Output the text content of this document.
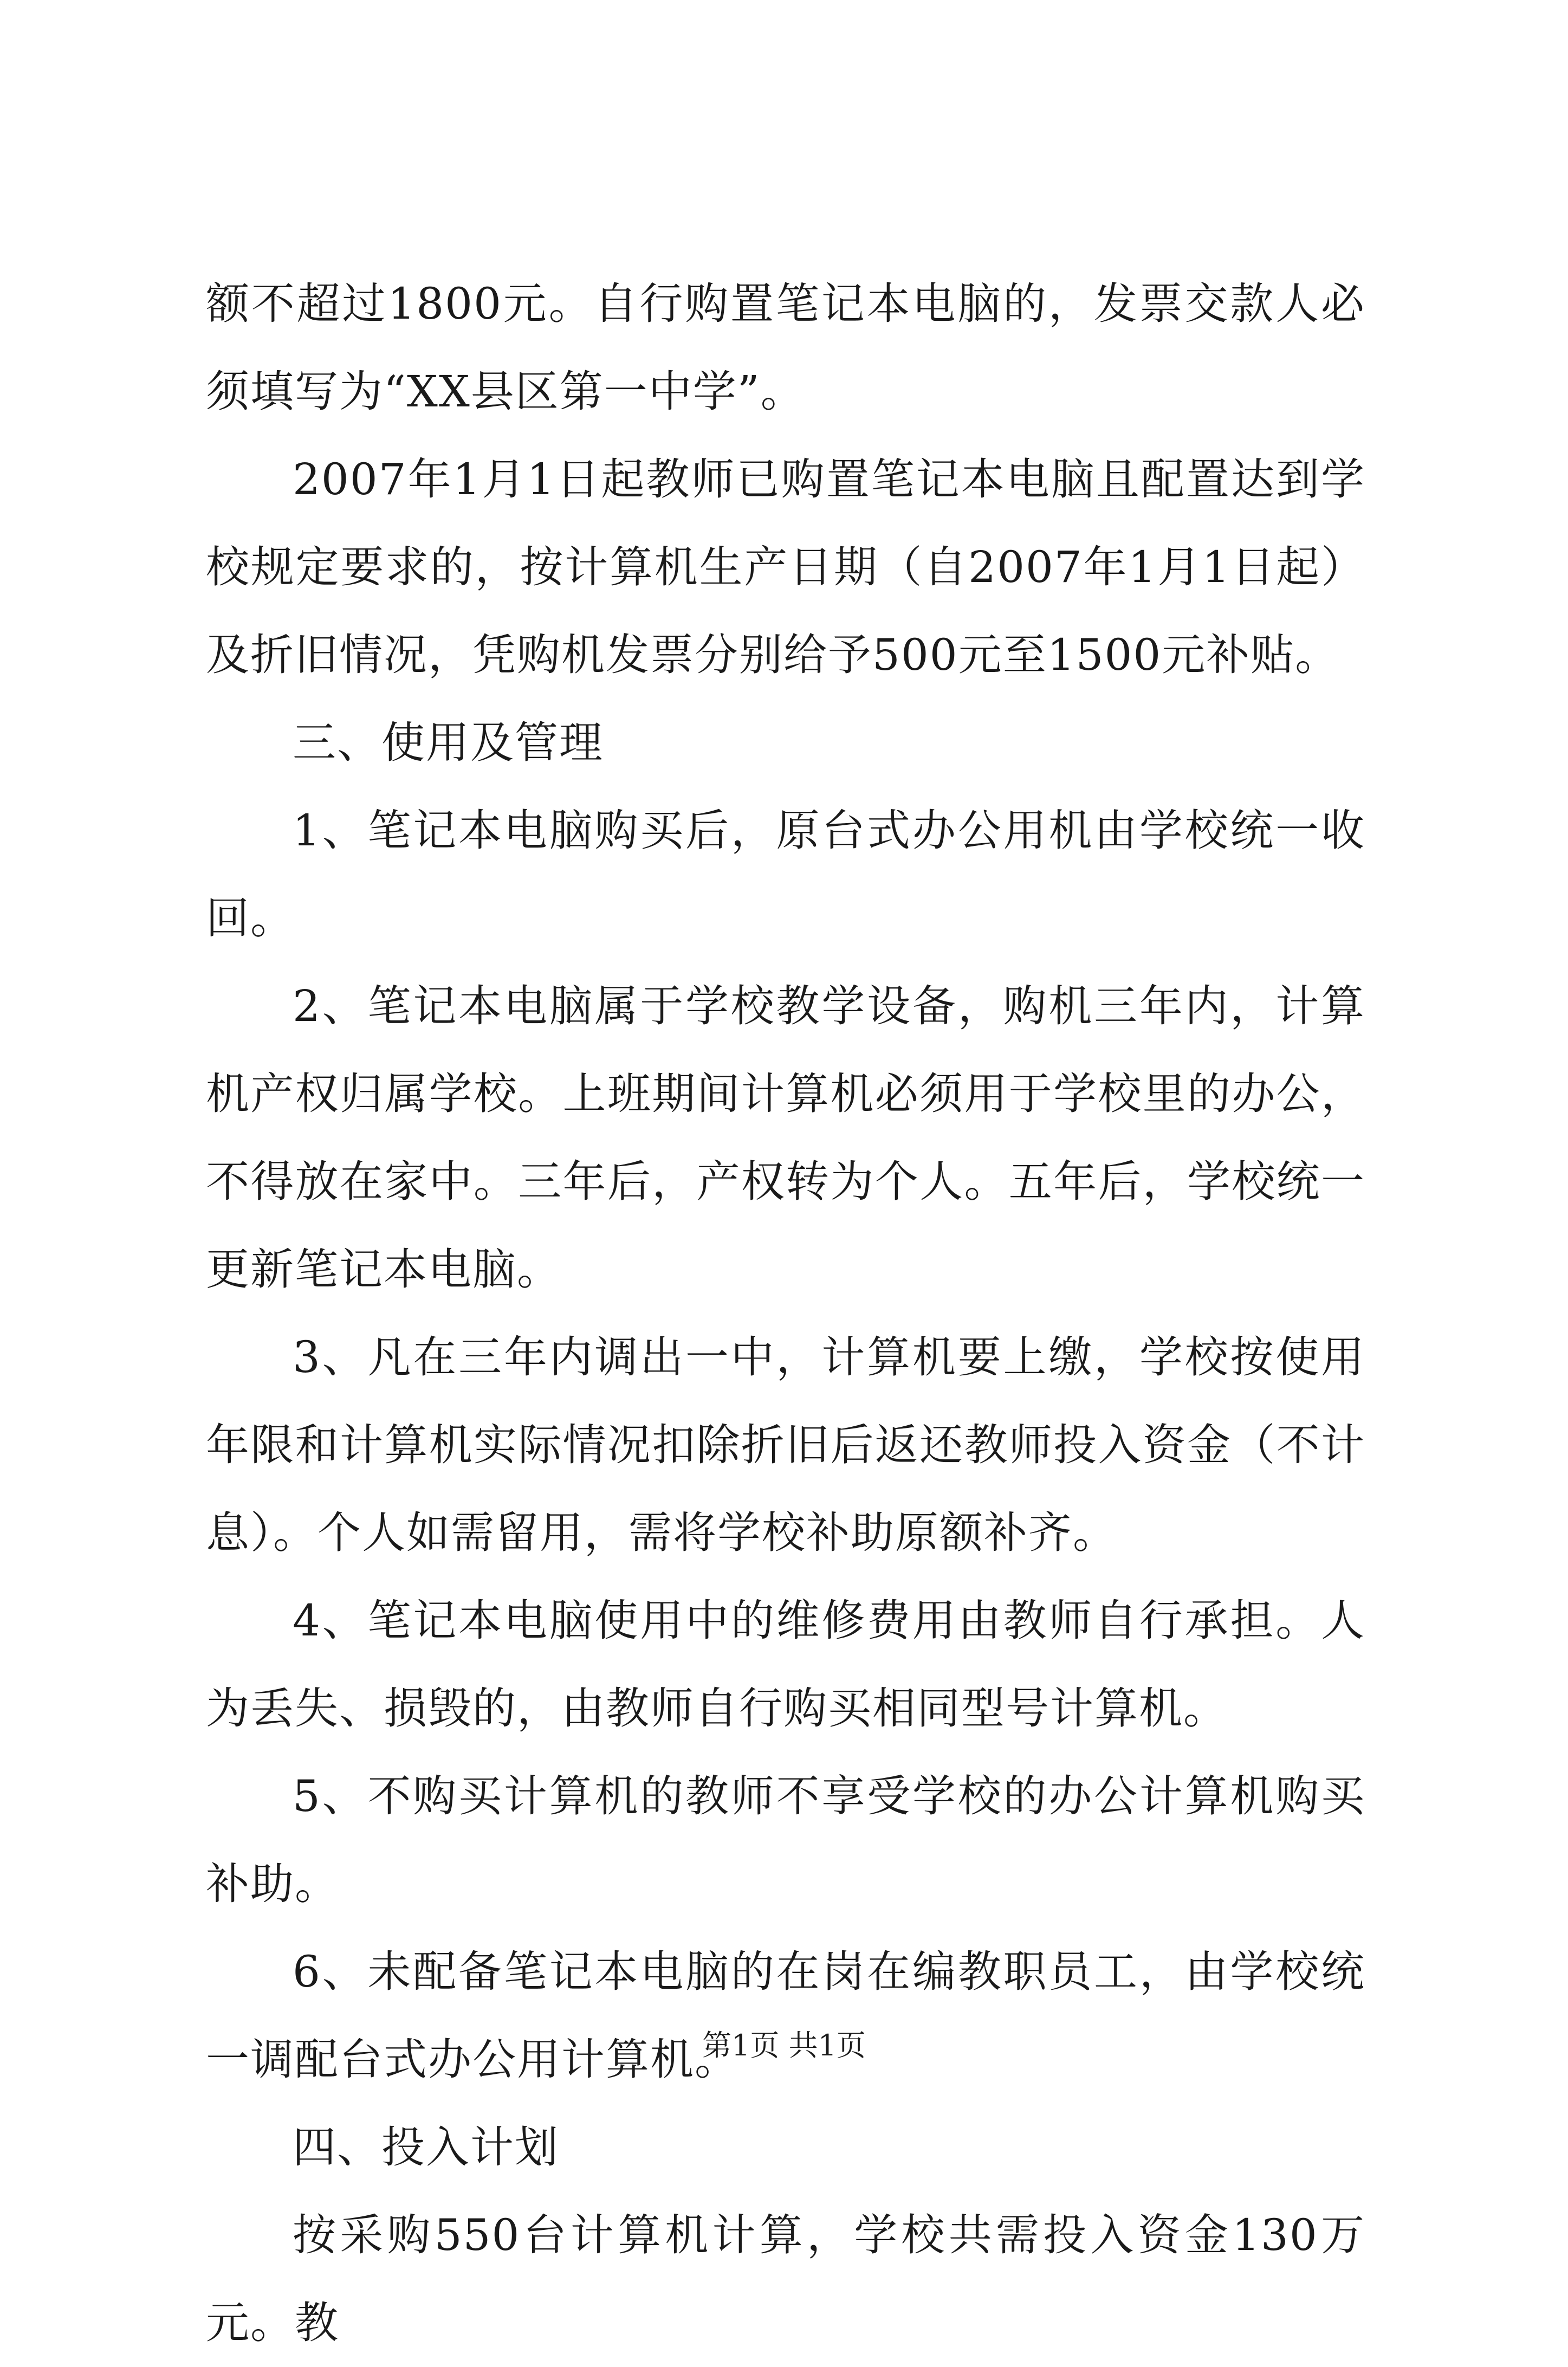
额不超过1800元。自行购置笔记本电脑的，发票交款人必须填写为“XX县区第一中学”。

2007年1月1日起教师已购置笔记本电脑且配置达到学校规定要求的，按计算机生产日期（自2007年1月1日起）及折旧情况，凭购机发票分别给予500元至1500元补贴。

三、使用及管理

1、笔记本电脑购买后，原台式办公用机由学校统一收回。

2、笔记本电脑属于学校教学设备，购机三年内，计算机产权归属学校。上班期间计算机必须用于学校里的办公，不得放在家中。三年后，产权转为个人。五年后，学校统一更新笔记本电脑。

3、凡在三年内调出一中，计算机要上缴，学校按使用年限和计算机实际情况扣除折旧后返还教师投入资金（不计息）。个人如需留用，需将学校补助原额补齐。

4、笔记本电脑使用中的维修费用由教师自行承担。人为丢失、损毁的，由教师自行购买相同型号计算机。

5、不购买计算机的教师不享受学校的办公计算机购买补助。

6、未配备笔记本电脑的在岗在编教职员工，由学校统一调配台式办公用计算机。

四、投入计划

按采购550台计算机计算，学校共需投入资金130万元。教

第1页 共1页
